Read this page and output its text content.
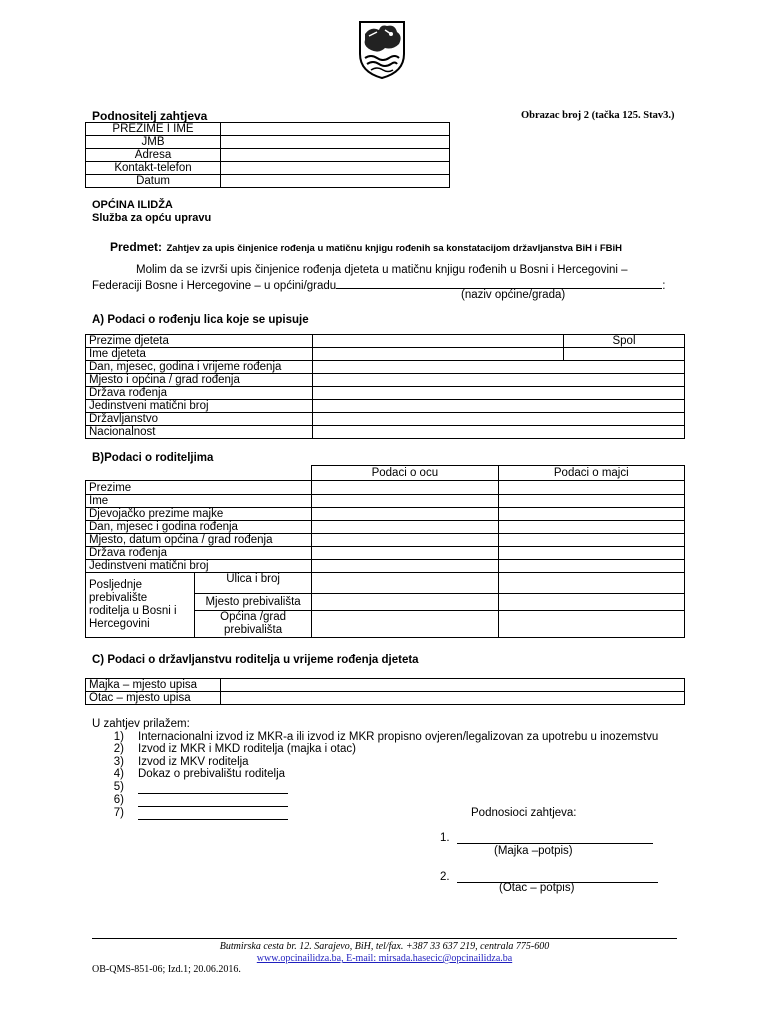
Podnositelj zahtjeva	Obrazac broj 2 (tačka 125. Stav3.)
PREZIME I IME	
JMB	
Adresa	
Kontakt-telefon	
Datum	
OPĆINA ILIDŽA
Služba za opću upravu
Predmet: Zahtjev za upis činjenice rođenja u matičnu knjigu rođenih sa konstatacijom državljanstva BiH i FBiH
Molim da se izvrši upis činjenice rođenja djeteta u matičnu knjigu rođenih u Bosni i Hercegovini –
Federaciji Bosne i Hercegovine – u općini/gradu	:
(naziv općine/grada)
A) Podaci o rođenju lica koje se upisuje
Prezime djeteta		Spol
Ime djeteta		
Dan, mjesec, godina i vrijeme rođenja		
Mjesto i općina / grad rođenja		
Država rođenja		
Jedinstveni matični broj		
Državljanstvo		
Nacionalnost		
B)Podaci o roditeljima
		Podaci o ocu	Podaci o majci
Prezime			
Ime			
Djevojačko prezime majke			
Dan, mjesec i godina rođenja			
Mjesto, datum općina / grad rođenja			
Država rođenja			
Jedinstveni matični broj			

Posljednje
prebivalište
roditelja u Bosni i
Hercegovini	Ulica i broj		
	Mjesto prebivališta		

	Općina /grad
prebivališta		

C) Podaci o državljanstvu roditelja u vrijeme rođenja djeteta
Majka – mjesto upisa	
Otac – mjesto upisa	
U zahtjev prilažem:
1) Internacionalni izvod iz MKR-a ili izvod iz MKR propisno ovjeren/legalizovan za upotrebu u inozemstvu
2) Izvod iz MKR i MKD roditelja (majka i otac)
3) Izvod iz MKV roditelja
4) Dokaz o prebivalištu roditelja
5)
6)
7)	Podnosioci zahtjeva:
1.
(Majka –potpis)
2.
(Otac – potpis)
Butmirska cesta br. 12. Sarajevo, BiH, tel/fax. +387 33 637 219, centrala 775-600
www.opcinailidza.ba, E-mail: mirsada.hasecic@opcinailidza.ba
OB-QMS-851-06; Izd.1; 20.06.2016.
